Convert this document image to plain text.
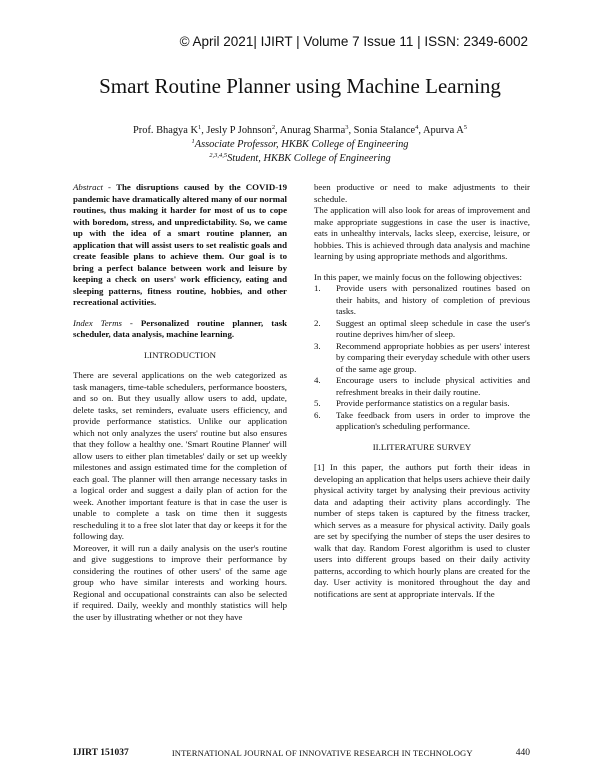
© April 2021| IJIRT | Volume 7 Issue 11 | ISSN: 2349-6002
Smart Routine Planner using Machine Learning
Prof. Bhagya $K^1$, Jesly P Johnson$^2$, Anurag Sharma$^3$, Sonia Stalance$^4$, Apurva $A^5$
$^1$Associate Professor, HKBK College of Engineering
$^{2,3,4,5}$Student, HKBK College of Engineering

Abstract - The disruptions caused by the COVID-19 pandemic have dramatically altered many of our normal routines, thus making it harder for most of us to cope with boredom, stress, and unpredictability. So, we came up with the idea of a smart routine planner, an application that will assist users to set realistic goals and create feasible plans to achieve them. Our goal is to bring a perfect balance between work and leisure by keeping a check on users' work efficiency, eating and sleeping patterns, fitness routine, hobbies, and other recreational activities.

Index Terms - Personalized routine planner, task scheduler, data analysis, machine learning.

I.INTRODUCTION

There are several applications on the web categorized as task managers, time-table schedulers, performance boosters, and so on. But they usually allow users to add, update, delete tasks, set reminders, evaluate users efficiency, and provide performance statistics. Unlike our application which not only analyzes the users' routine but also ensures that they follow a healthy one. 'Smart Routine Planner' will allow users to either plan timetables' daily or set up weekly milestones and assign estimated time for the completion of each goal. The planner will then arrange necessary tasks in a logical order and suggest a daily plan of action for the week. Another important feature is that in case the user is unable to complete a task on time then it suggests rescheduling it to a free slot later that day or keeps it for the following day.

Moreover, it will run a daily analysis on the user's routine and give suggestions to improve their performance by considering the routines of other users' of the same age group who have similar interests and working hours. Regional and occupational constraints can also be selected if required. Daily, weekly and monthly statistics will help the user by illustrating whether or not they have

been productive or need to make adjustments to their schedule.

The application will also look for areas of improvement and make appropriate suggestions in case the user is inactive, eats in unhealthy intervals, lacks sleep, exercise, leisure, or hobbies. This is achieved through data analysis and machine learning by using appropriate methods and algorithms.

In this paper, we mainly focus on the following objectives:

1. Provide users with personalized routines based on their habits, and history of completion of previous tasks.
2. Suggest an optimal sleep schedule in case the user's routine deprives him/her of sleep.
3. Recommend appropriate hobbies as per users' interest by comparing their everyday schedule with other users of the same age group.
4. Encourage users to include physical activities and refreshment breaks in their daily routine.
5. Provide performance statistics on a regular basis.
6. Take feedback from users in order to improve the application's scheduling performance.

II.LITERATURE SURVEY

[1] In this paper, the authors put forth their ideas in developing an application that helps users achieve their daily physical activity target by analysing their previous activity data and adapting their activity plans accordingly. The number of steps taken is captured by the fitness tracker, which serves as a measure for physical activity. Daily goals are set by specifying the number of steps the user desires to walk that day. Random Forest algorithm is used to cluster users into different groups based on their daily activity patterns, according to which hourly plans are created for the day. User activity is monitored throughout the day and notifications are sent at appropriate intervals. If the

IJIRT 151037	INTERNATIONAL JOURNAL OF INNOVATIVE RESEARCH IN TECHNOLOGY	440
